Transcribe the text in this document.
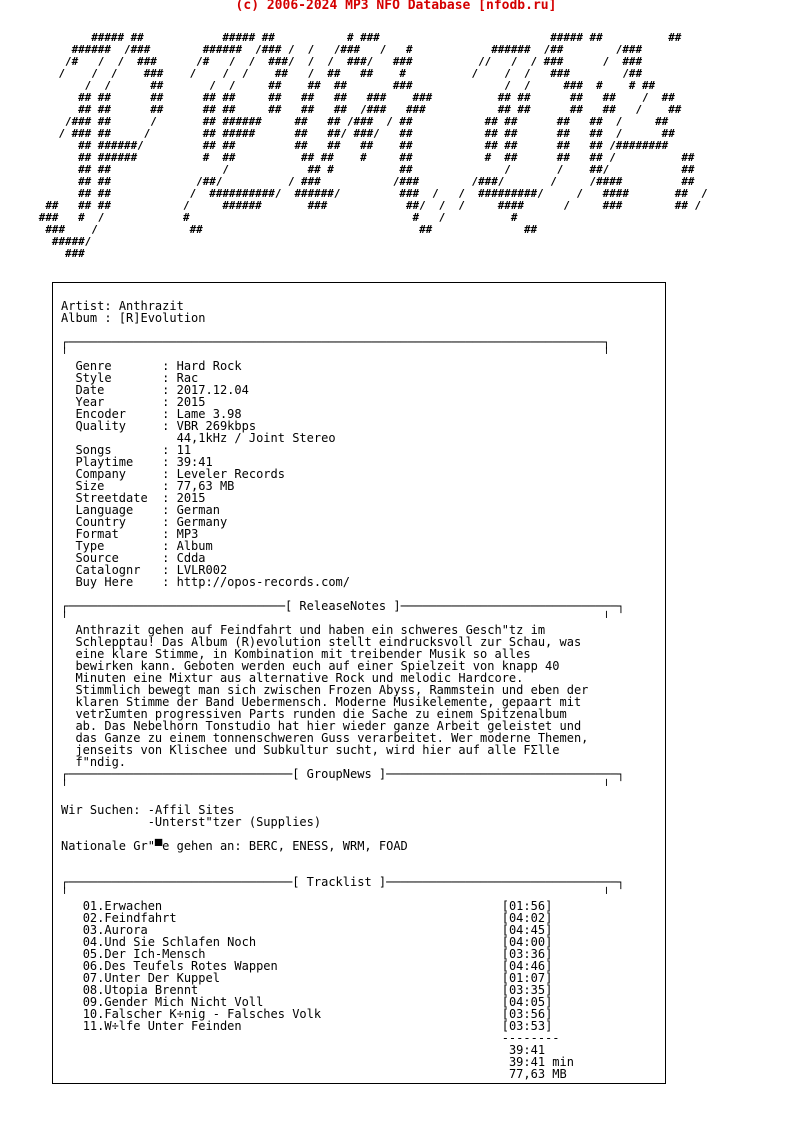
(c) 2006-2024 MP3 NFO Database [nfodb.ru]
##### ##            ##### ##           # ###                          ##### ##          ##
######  /###        ######  /### /  /   /###   /   #            ######  /##        /###
/#   /  /  ###      /#   /  /  ###/  /  /  ###/   ###          //   /  / ###      /  ###
/    /  /    ###    /    /  /    ##   /  ##   ##    #          /    /  /   ###        /##
/  /      ##       /  /     ##    ##  ##       ###              /  /     ###  #    # ##
## ##      ##      ## ##     ##   ##   ##   ###    ###          ## ##      ##   ##    /  ##
## ##      ##      ## ##     ##   ##   ##  /###   ###           ## ##      ##   ##   /    ##
/### ##      /       ## ######     ##   ## /###  / ##           ## ##      ##   ##  /     ##
/ ### ##     /        ## #####      ##   ##/ ###/   ##           ## ##      ##   ##  /      ##
## ######/         ## ##         ##   ##   ##    ##           ## ##      ##   ## /########
## ######          #  ##          ## ##    #     ##           #  ##      ##   ## /          ##
## ##                 /            ## #          ##              /       /    ##/           ##
## ##             /##/          / ###           /###        /###/       /     /####         ##
## ##            /  ##########/  ######/         ###  /   /  #########/     /   ####       ##  /
##   ## ##           /     ######       ###            ##/  /  /     ####      /     ###        ## /
###   #  /            #                                  #   /          #
###    /              ##                                 ##              ##
#####/
###
Artist: Anthrazit
Album : [R]Evolution

┌──────────────────────────────────────────────────────────────────────────┐
╵                                                                          ╵
Genre	: Hard Rock
Style	: Rac
Date	: 2017.12.04
Year	: 2015
Encoder	: Lame 3.98
Quality	: VBR 269kbps
44,1kHz / Joint Stereo
Songs	: 11
Playtime : 39:41
Company	: Leveler Records
Size	: 77,63 MB
Streetdate : 2015
Language : German
Country	: Germany
Format	: MP3
Type	: Album
Source	: Cdda
Catalognr : LVLR002
Buy Here : http://opos-records.com/

┌──────────────────────────────[ ReleaseNotes ]──────────────────────────────┐
╵                                                                          ╵
Anthrazit gehen auf Feindfahrt und haben ein schweres Gesch"tz im
Schlepptau! Das Album (R)evolution stellt eindrucksvoll zur Schau, was
eine klare Stimme, in Kombination mit treibender Musik so alles
bewirken kann. Geboten werden euch auf einer Spielzeit von knapp 40
Minuten eine Mixtur aus alternative Rock und melodic Hardcore.
Stimmlich bewegt man sich zwischen Frozen Abyss, Rammstein und eben der
klaren Stimme der Band Uebermensch. Moderne Musikelemente, gepaart mit
vetrΣumten progressiven Parts runden die Sache zu einem Spitzenalbum
ab. Das Nebelhorn Tonstudio hat hier wieder ganze Arbeit geleistet und
das Ganze zu einem tonnenschweren Guss verarbeitet. Wer moderne Themen,
jenseits von Klischee und Subkultur sucht, wird hier auf alle FΣlle
f"ndig.
┌───────────────────────────────[ GroupNews ]────────────────────────────────┐
╵                                                                          ╵

Wir Suchen: -Affil Sites
-Unterst"tzer (Supplies)

Nationale Gr"▀e gehen an: BERC, ENESS, WRM, FOAD

┌───────────────────────────────[ Tracklist ]────────────────────────────────┐
╵                                                                          ╵
01.Erwachen	[01:56]
02.Feindfahrt	[04:02]
03.Aurora	[04:45]
04.Und Sie Schlafen Noch	[04:00]
05.Der Ich-Mensch	[03:36]
06.Des Teufels Rotes Wappen	[04:46]
07.Unter Der Kuppel	[01:07]
08.Utopia Brennt	[03:35]
09.Gender Mich Nicht Voll	[04:05]
10.Falscher K÷nig - Falsches Volk	[03:56]
11.W÷lfe Unter Feinden	[03:53]
--------
39:41
39:41 min
77,63 MB
